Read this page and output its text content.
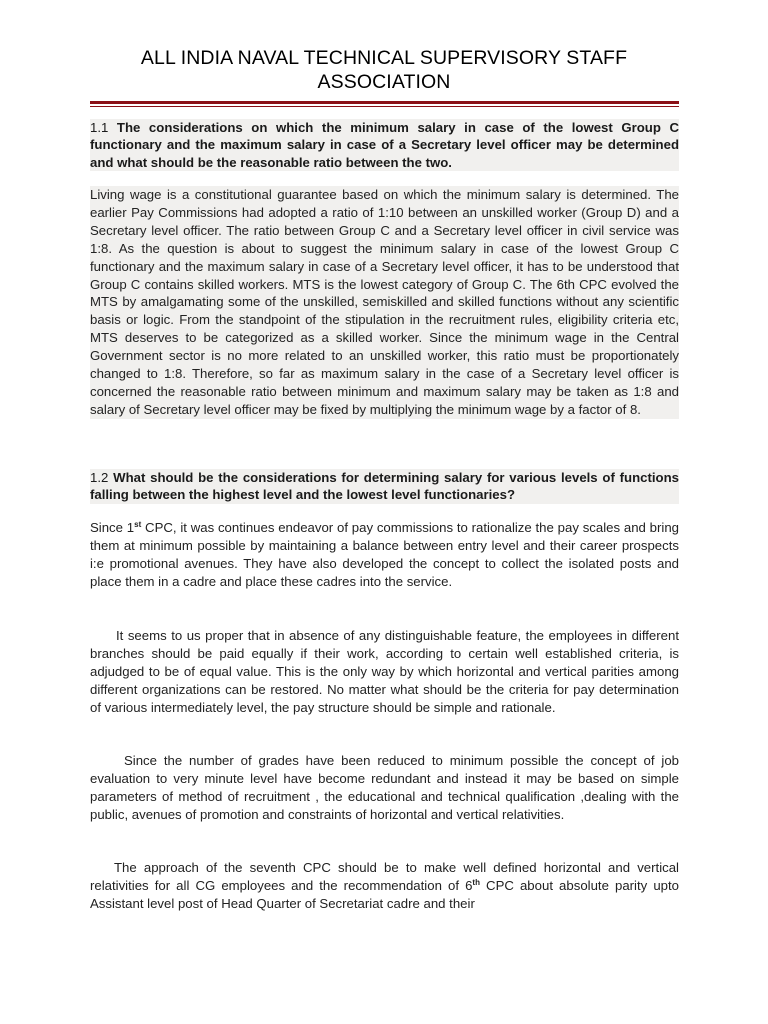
ALL INDIA NAVAL TECHNICAL SUPERVISORY STAFF
ASSOCIATION

1.1 The considerations on which the minimum salary in case of the lowest Group C functionary and the maximum salary in case of a Secretary level officer may be determined and what should be the reasonable ratio between the two.

Living wage is a constitutional guarantee based on which the minimum salary is determined. The earlier Pay Commissions had adopted a ratio of 1:10 between an unskilled worker (Group D) and a Secretary level officer. The ratio between Group C and a Secretary level officer in civil service was 1:8. As the question is about to suggest the minimum salary in case of the lowest Group C functionary and the maximum salary in case of a Secretary level officer, it has to be understood that Group C contains skilled workers. MTS is the lowest category of Group C. The 6th CPC evolved the MTS by amalgamating some of the unskilled, semiskilled and skilled functions without any scientific basis or logic. From the standpoint of the stipulation in the recruitment rules, eligibility criteria etc, MTS deserves to be categorized as a skilled worker. Since the minimum wage in the Central Government sector is no more related to an unskilled worker, this ratio must be proportionately changed to 1:8. Therefore, so far as maximum salary in the case of a Secretary level officer is concerned the reasonable ratio between minimum and maximum salary may be taken as 1:8 and salary of Secretary level officer may be fixed by multiplying the minimum wage by a factor of 8.

1.2 What should be the considerations for determining salary for various levels of functions falling between the highest level and the lowest level functionaries?

Since 1st CPC, it was continues endeavor of pay commissions to rationalize the pay scales and bring them at minimum possible by maintaining a balance between entry level and their career prospects i:e promotional avenues. They have also developed the concept to collect the isolated posts and place them in a cadre and place these cadres into the service.

It seems to us proper that in absence of any distinguishable feature, the employees in different branches should be paid equally if their work, according to certain well established criteria, is adjudged to be of equal value. This is the only way by which horizontal and vertical parities among different organizations can be restored. No matter what should be the criteria for pay determination of various intermediately level, the pay structure should be simple and rationale.

Since the number of grades have been reduced to minimum possible the concept of job evaluation to very minute level have become redundant and instead it may be based on simple parameters of method of recruitment , the educational and technical qualification ,dealing with the public, avenues of promotion and constraints of horizontal and vertical relativities.

The approach of the seventh CPC should be to make well defined horizontal and vertical relativities for all CG employees and the recommendation of 6th CPC about absolute parity upto Assistant level post of Head Quarter of Secretariat cadre and their
